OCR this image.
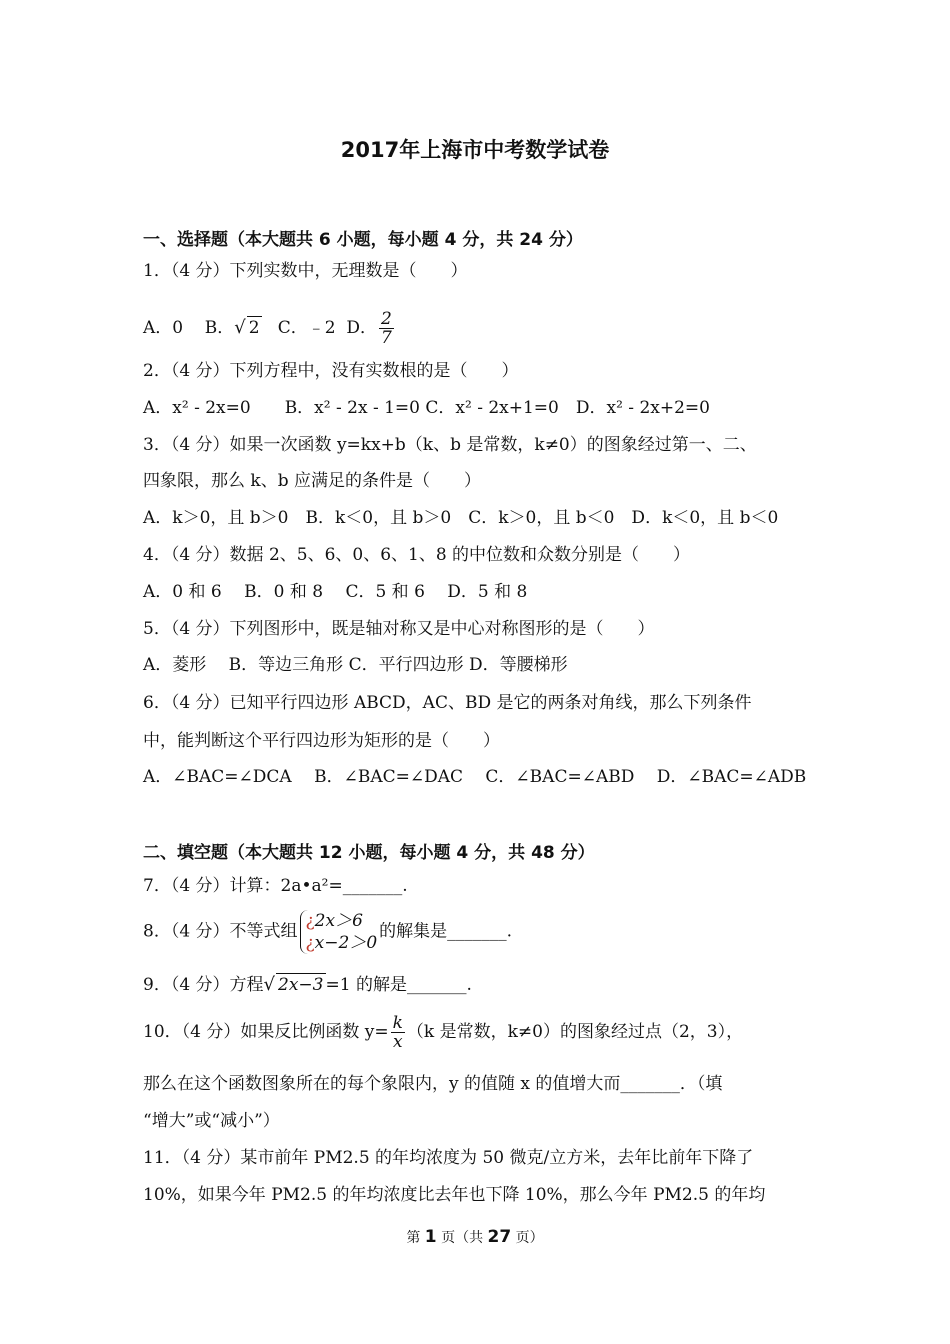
2017年上海市中考数学试卷
一、选择题（本大题共 6 小题，每小题 4 分，共 24 分）
1．（4 分）下列实数中，无理数是（　　）
A．0 B．√ 2 C．﹣2 D． $\frac{2}{7}$
2．（4 分）下列方程中，没有实数根的是（　　）
A．x² - 2x=0　　B．x² - 2x - 1=0 C．x² - 2x+1=0　D．x² - 2x+2=0
3．（4 分）如果一次函数 y=kx+b（k、b 是常数，k≠0）的图象经过第一、二、
四象限，那么 k、b 应满足的条件是（　　）
A．k＞0，且 b＞0　B．k＜0，且 b＞0　C．k＞0，且 b＜0　D．k＜0，且 b＜0
4．（4 分）数据 2、5、6、0、6、1、8 的中位数和众数分别是（　　）
A．0 和 6　 B．0 和 8　 C．5 和 6　 D．5 和 8
5．（4 分）下列图形中，既是轴对称又是中心对称图形的是（　　）
A．菱形　 B．等边三角形 C．平行四边形 D．等腰梯形
6．（4 分）已知平行四边形 ABCD，AC、BD 是它的两条对角线，那么下列条件
中，能判断这个平行四边形为矩形的是（　　）
A．∠BAC=∠DCA　 B．∠BAC=∠DAC　 C．∠BAC=∠ABD　 D．∠BAC=∠ADB
二、填空题（本大题共 12 小题，每小题 4 分，共 48 分）
7．（4 分）计算：2a•a²=_______.
8．（4 分）不等式组
¿2x＞6
¿x−2＞0
的解集是_______.
9．（4 分）方程√ 2x−3 =1 的解是_______.
10．（4 分）如果反比例函数 $y= \frac{k}{x} (k$ 是常数，k≠0）的图象经过点（2，3），
那么在这个函数图象所在的每个象限内，y 的值随 x 的值增大而_______．（填
“增大”或“减小”）
11．（4 分）某市前年 PM2.5 的年均浓度为 50 微克/立方米，去年比前年下降了
10%，如果今年 PM2.5 的年均浓度比去年也下降 10%，那么今年 PM2.5 的年均
第 1 页（共 27 页）
